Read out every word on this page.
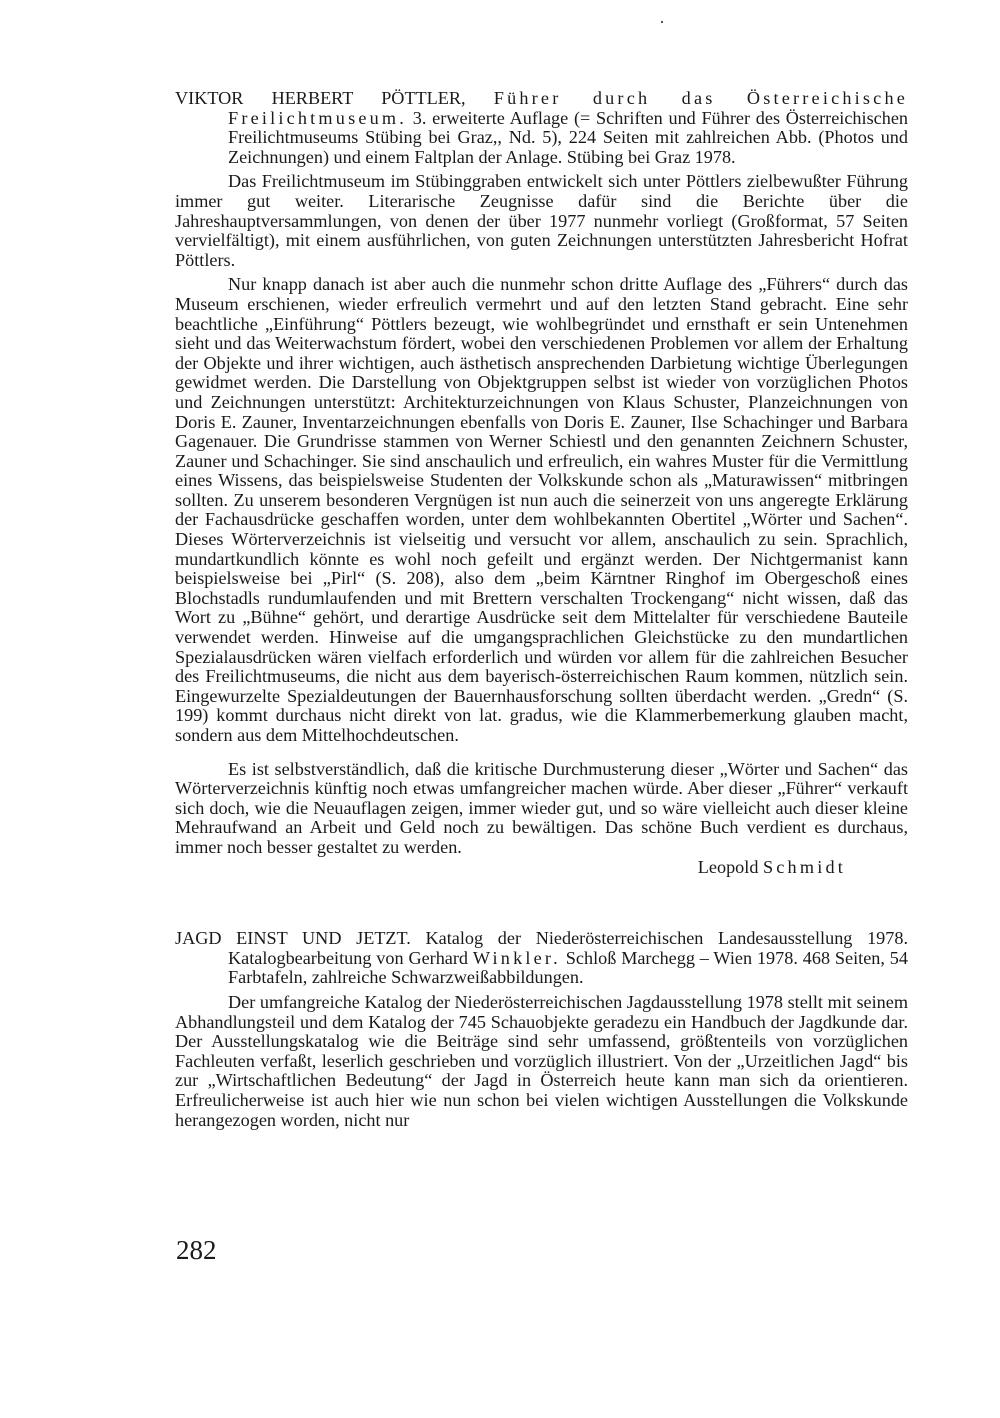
VIKTOR HERBERT PÖTTLER, Führer durch das Österreichische Freilichtmuseum. 3. erweiterte Auflage (= Schriften und Führer des Österreichischen Freilichtmuseums Stübing bei Graz,, Nd. 5), 224 Seiten mit zahlreichen Abb. (Photos und Zeichnungen) und einem Faltplan der Anlage. Stübing bei Graz 1978.

Das Freilichtmuseum im Stübinggraben entwickelt sich unter Pöttlers zielbewußter Führung immer gut weiter. Literarische Zeugnisse dafür sind die Berichte über die Jahreshauptversammlungen, von denen der über 1977 nunmehr vorliegt (Großformat, 57 Seiten vervielfältigt), mit einem ausführlichen, von guten Zeichnungen unterstützten Jahresbericht Hofrat Pöttlers.

Nur knapp danach ist aber auch die nunmehr schon dritte Auflage des „Führers“ durch das Museum erschienen, wieder erfreulich vermehrt und auf den letzten Stand gebracht. Eine sehr beachtliche „Einführung“ Pöttlers bezeugt, wie wohlbegründet und ernsthaft er sein Untenehmen sieht und das Weiterwachstum fördert, wobei den verschiedenen Problemen vor allem der Erhaltung der Objekte und ihrer wichtigen, auch ästhetisch ansprechenden Darbietung wichtige Überlegungen gewidmet werden. Die Darstellung von Objektgruppen selbst ist wieder von vorzüglichen Photos und Zeichnungen unterstützt: Architekturzeichnungen von Klaus Schuster, Planzeichnungen von Doris E. Zauner, Inventarzeichnungen ebenfalls von Doris E. Zauner, Ilse Schachinger und Barbara Gagenauer. Die Grundrisse stammen von Werner Schiestl und den genannten Zeichnern Schuster, Zauner und Schachinger. Sie sind anschaulich und erfreulich, ein wahres Muster für die Vermittlung eines Wissens, das beispielsweise Studenten der Volkskunde schon als „Maturawissen“ mitbringen sollten. Zu unserem besonderen Vergnügen ist nun auch die seinerzeit von uns angeregte Erklärung der Fachausdrücke geschaffen worden, unter dem wohlbekannten Obertitel „Wörter und Sachen“. Dieses Wörterverzeichnis ist vielseitig und versucht vor allem, anschaulich zu sein. Sprachlich, mundartkundlich könnte es wohl noch gefeilt und ergänzt werden. Der Nichtgermanist kann beispielsweise bei „Pirl“ (S. 208), also dem „beim Kärntner Ringhof im Obergeschoß eines Blochstadls rundumlaufenden und mit Brettern verschalten Trockengang“ nicht wissen, daß das Wort zu „Bühne“ gehört, und derartige Ausdrücke seit dem Mittelalter für verschiedene Bauteile verwendet werden. Hinweise auf die umgangsprachlichen Gleichstücke zu den mundartlichen Spezialausdrücken wären vielfach erforderlich und würden vor allem für die zahlreichen Besucher des Freilichtmuseums, die nicht aus dem bayerisch-österreichischen Raum kommen, nützlich sein. Eingewurzelte Spezialdeutungen der Bauernhausforschung sollten überdacht werden. „Gredn“ (S. 199) kommt durchaus nicht direkt von lat. gradus, wie die Klammerbemerkung glauben macht, sondern aus dem Mittelhochdeutschen.

Es ist selbstverständlich, daß die kritische Durchmusterung dieser „Wörter und Sachen“ das Wörterverzeichnis künftig noch etwas umfangreicher machen würde. Aber dieser „Führer“ verkauft sich doch, wie die Neuauflagen zeigen, immer wieder gut, und so wäre vielleicht auch dieser kleine Mehraufwand an Arbeit und Geld noch zu bewältigen. Das schöne Buch verdient es durchaus, immer noch besser gestaltet zu werden.

Leopold Schmidt

JAGD EINST UND JETZT. Katalog der Niederösterreichischen Landesausstellung 1978. Katalogbearbeitung von Gerhard Winkler. Schloß Marchegg – Wien 1978. 468 Seiten, 54 Farbtafeln, zahlreiche Schwarzweißabbildungen.

Der umfangreiche Katalog der Niederösterreichischen Jagdausstellung 1978 stellt mit seinem Abhandlungsteil und dem Katalog der 745 Schauobjekte geradezu ein Handbuch der Jagdkunde dar. Der Ausstellungskatalog wie die Beiträge sind sehr umfassend, größtenteils von vorzüglichen Fachleuten verfaßt, leserlich geschrieben und vorzüglich illustriert. Von der „Urzeitlichen Jagd“ bis zur „Wirtschaftlichen Bedeutung“ der Jagd in Österreich heute kann man sich da orientieren. Erfreulicherweise ist auch hier wie nun schon bei vielen wichtigen Ausstellungen die Volkskunde herangezogen worden, nicht nur

282
